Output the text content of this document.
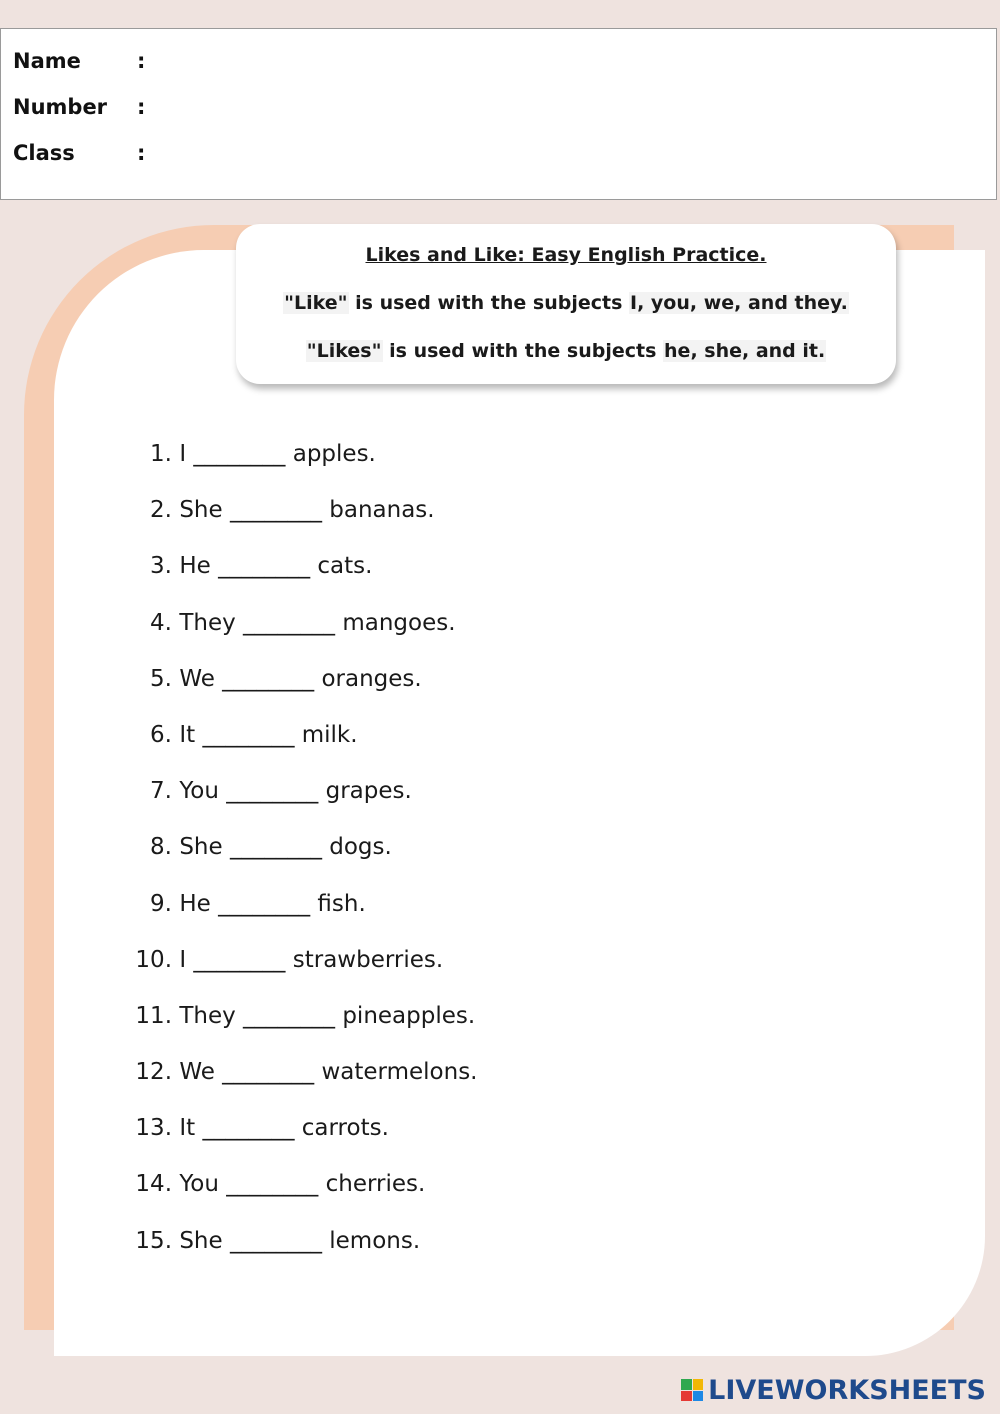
Name	:
Number :
Class	:
Likes and Like: Easy English Practice.
"Like" is used with the subjects I, you, we, and they.
"Likes" is used with the subjects he, she, and it.
1. I ________ apples.
2. She ________ bananas.
3. He ________ cats.
4. They ________ mangoes.
5. We ________ oranges.
6. It ________ milk.
7. You ________ grapes.
8. She ________ dogs.
9. He ________ fish.
10. I ________ strawberries.
11. They ________ pineapples.
12. We ________ watermelons.
13. It ________ carrots.
14. You ________ cherries.
15. She ________ lemons.
LIVEWORKSHEETS
